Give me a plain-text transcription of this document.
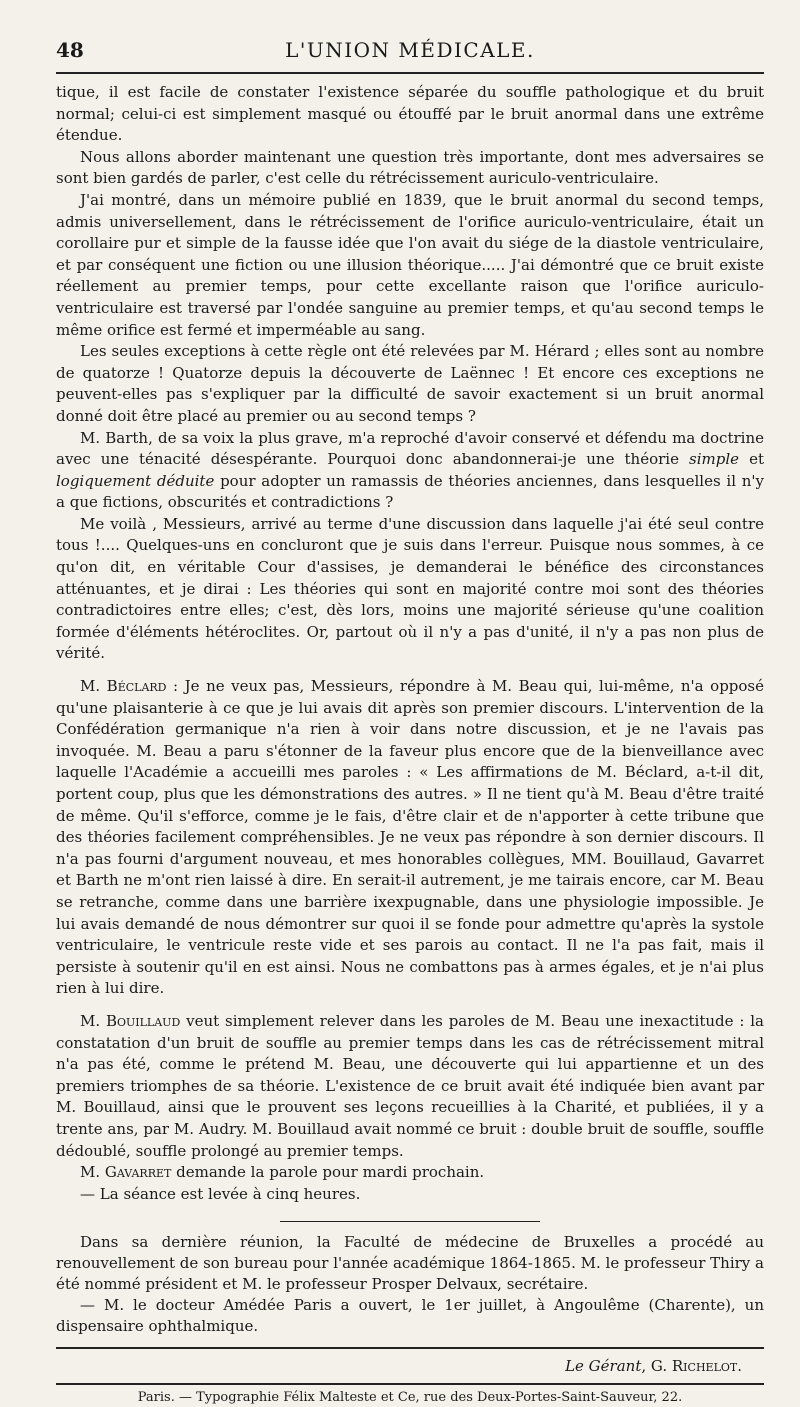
48	L'UNION MÉDICALE.

tique, il est facile de constater l'existence séparée du souffle pathologique et du bruit normal; celui-ci est simplement masqué ou étouffé par le bruit anormal dans une extrême étendue.

Nous allons aborder maintenant une question très importante, dont mes adversaires se sont bien gardés de parler, c'est celle du rétrécissement auriculo-ventriculaire.

J'ai montré, dans un mémoire publié en 1839, que le bruit anormal du second temps, admis universellement, dans le rétrécissement de l'orifice auriculo-ventriculaire, était un corollaire pur et simple de la fausse idée que l'on avait du siége de la diastole ventriculaire, et par conséquent une fiction ou une illusion théorique..... J'ai démontré que ce bruit existe réellement au premier temps, pour cette excellante raison que l'orifice auriculo-ventriculaire est traversé par l'ondée sanguine au premier temps, et qu'au second temps le même orifice est fermé et imperméable au sang.

Les seules exceptions à cette règle ont été relevées par M. Hérard ; elles sont au nombre de quatorze ! Quatorze depuis la découverte de Laënnec ! Et encore ces exceptions ne peuvent-elles pas s'expliquer par la difficulté de savoir exactement si un bruit anormal donné doit être placé au premier ou au second temps ?

M. Barth, de sa voix la plus grave, m'a reproché d'avoir conservé et défendu ma doctrine avec une ténacité désespérante. Pourquoi donc abandonnerai-je une théorie simple et logiquement déduite pour adopter un ramassis de théories anciennes, dans lesquelles il n'y a que fictions, obscurités et contradictions ?

Me voilà , Messieurs, arrivé au terme d'une discussion dans laquelle j'ai été seul contre tous !.... Quelques-uns en concluront que je suis dans l'erreur. Puisque nous sommes, à ce qu'on dit, en véritable Cour d'assises, je demanderai le bénéfice des circonstances atténuantes, et je dirai : Les théories qui sont en majorité contre moi sont des théories contradictoires entre elles; c'est, dès lors, moins une majorité sérieuse qu'une coalition formée d'éléments hétéroclites. Or, partout où il n'y a pas d'unité, il n'y a pas non plus de vérité.

M. Béclard : Je ne veux pas, Messieurs, répondre à M. Beau qui, lui-même, n'a opposé qu'une plaisanterie à ce que je lui avais dit après son premier discours. L'intervention de la Confédération germanique n'a rien à voir dans notre discussion, et je ne l'avais pas invoquée. M. Beau a paru s'étonner de la faveur plus encore que de la bienveillance avec laquelle l'Académie a accueilli mes paroles : « Les affirmations de M. Béclard, a-t-il dit, portent coup, plus que les démonstrations des autres. » Il ne tient qu'à M. Beau d'être traité de même. Qu'il s'efforce, comme je le fais, d'être clair et de n'apporter à cette tribune que des théories facilement compréhensibles. Je ne veux pas répondre à son dernier discours. Il n'a pas fourni d'argument nouveau, et mes honorables collègues, MM. Bouillaud, Gavarret et Barth ne m'ont rien laissé à dire. En serait-il autrement, je me tairais encore, car M. Beau se retranche, comme dans une barrière ixexpugnable, dans une physiologie impossible. Je lui avais demandé de nous démontrer sur quoi il se fonde pour admettre qu'après la systole ventriculaire, le ventricule reste vide et ses parois au contact. Il ne l'a pas fait, mais il persiste à soutenir qu'il en est ainsi. Nous ne combattons pas à armes égales, et je n'ai plus rien à lui dire.

M. Bouillaud veut simplement relever dans les paroles de M. Beau une inexactitude : la constatation d'un bruit de souffle au premier temps dans les cas de rétrécissement mitral n'a pas été, comme le prétend M. Beau, une découverte qui lui appartienne et un des premiers triomphes de sa théorie. L'existence de ce bruit avait été indiquée bien avant par M. Bouillaud, ainsi que le prouvent ses leçons recueillies à la Charité, et publiées, il y a trente ans, par M. Audry. M. Bouillaud avait nommé ce bruit : double bruit de souffle, souffle dédoublé, souffle prolongé au premier temps.

M. Gavarret demande la parole pour mardi prochain.

— La séance est levée à cinq heures.

Dans sa dernière réunion, la Faculté de médecine de Bruxelles a procédé au renouvellement de son bureau pour l'année académique 1864-1865. M. le professeur Thiry a été nommé président et M. le professeur Prosper Delvaux, secrétaire.

— M. le docteur Amédée Paris a ouvert, le 1er juillet, à Angoulême (Charente), un dispensaire ophthalmique.

Le Gérant, G. Richelot.
Paris. — Typographie Félix Malteste et Ce, rue des Deux-Portes-Saint-Sauveur, 22.
